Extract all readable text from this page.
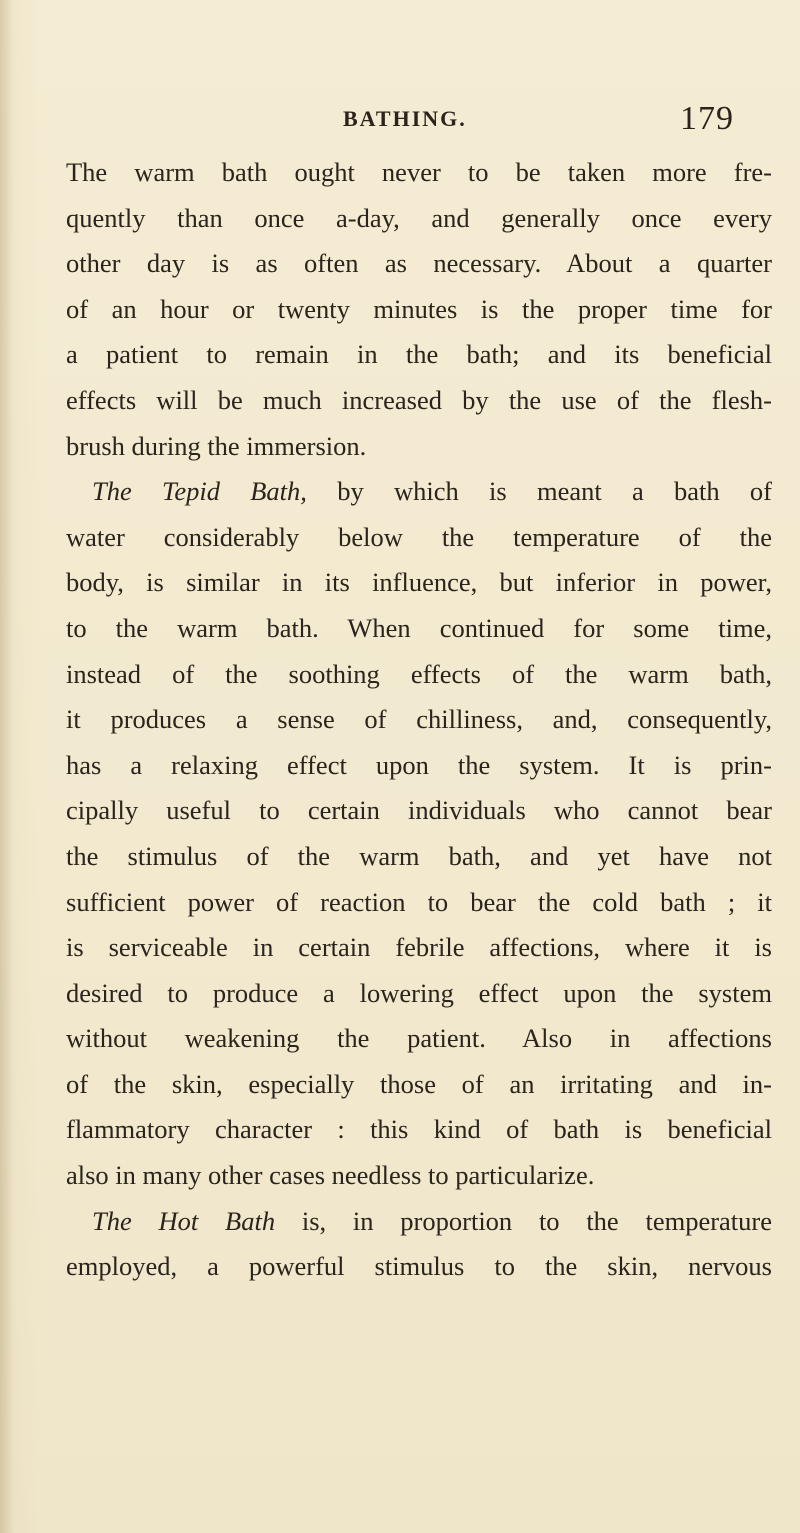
BATHING.	179
The warm bath ought never to be taken more fre-
quently than once a-day, and generally once every
other day is as often as necessary. About a quarter
of an hour or twenty minutes is the proper time for
a patient to remain in the bath; and its beneficial
effects will be much increased by the use of the flesh-
brush during the immersion.
The Tepid Bath, by which is meant a bath of
water considerably below the temperature of the
body, is similar in its influence, but inferior in power,
to the warm bath. When continued for some time,
instead of the soothing effects of the warm bath,
it produces a sense of chilliness, and, consequently,
has a relaxing effect upon the system. It is prin-
cipally useful to certain individuals who cannot bear
the stimulus of the warm bath, and yet have not
sufficient power of reaction to bear the cold bath ; it
is serviceable in certain febrile affections, where it is
desired to produce a lowering effect upon the system
without weakening the patient. Also in affections
of the skin, especially those of an irritating and in-
flammatory character : this kind of bath is beneficial
also in many other cases needless to particularize.
The Hot Bath is, in proportion to the temperature
employed, a powerful stimulus to the skin, nervous
